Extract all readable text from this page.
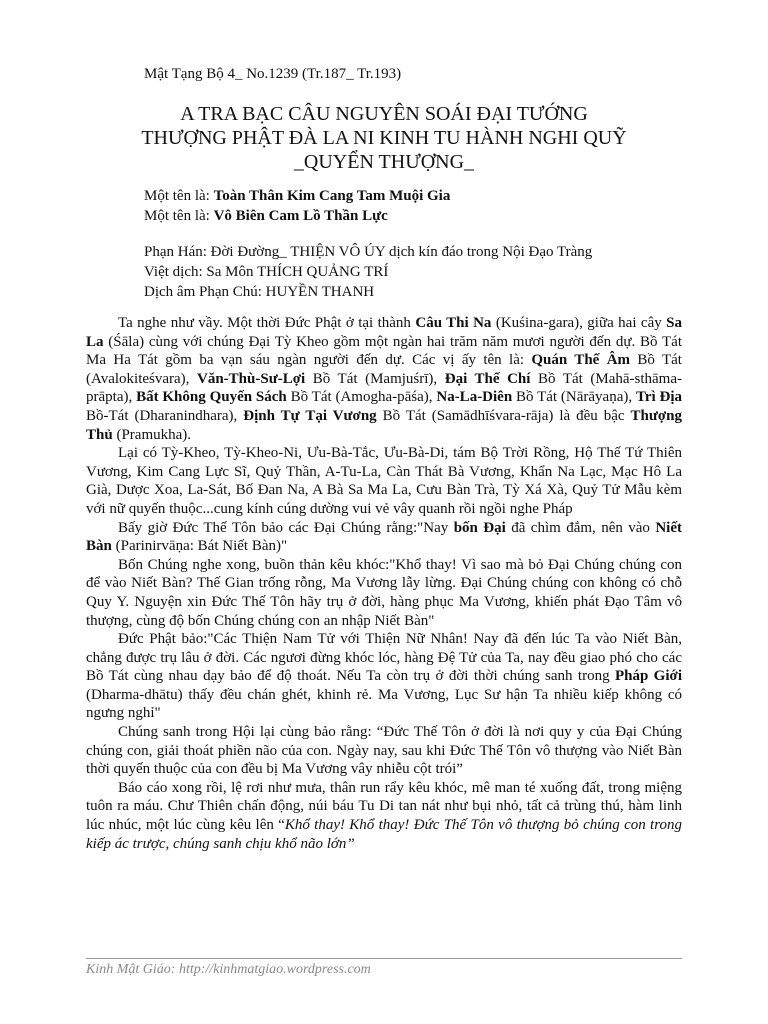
Mật Tạng Bộ 4_ No.1239 (Tr.187_ Tr.193)
A TRA BẠC CÂU NGUYÊN SOÁI ĐẠI TƯỚNG
THƯỢNG PHẬT ĐÀ LA NI KINH TU HÀNH NGHI QUỸ
_QUYỂN THƯỢNG_
Một tên là: Toàn Thân Kim Cang Tam Muội Gia
Một tên là: Vô Biên Cam Lồ Thần Lực
Phạn Hán: Đời Đường_ THIỆN VÔ ÚY dịch kín đáo trong Nội Đạo Tràng
Việt dịch: Sa Môn THÍCH QUẢNG TRÍ
Dịch âm Phạn Chú: HUYỀN THANH

Ta nghe như vầy. Một thời Đức Phật ở tại thành Câu Thi Na (Kuśina-gara), giữa hai cây Sa La (Śāla) cùng với chúng Đại Tỳ Kheo gồm một ngàn hai trăm năm mươi người đến dự. Bồ Tát Ma Ha Tát gồm ba vạn sáu ngàn người đến dự. Các vị ấy tên là: Quán Thế Âm Bồ Tát (Avalokiteśvara), Văn-Thù-Sư-Lợi Bồ Tát (Mamjuśrī), Đại Thế Chí Bồ Tát (Mahā-sthāma-prāpta), Bất Không Quyến Sách Bồ Tát (Amogha-pāśa), Na-La-Diên Bồ Tát (Nārāyaṇa), Trì Địa Bồ-Tát (Dharanindhara), Định Tự Tại Vương Bồ Tát (Samādhīśvara-rāja) là đều bậc Thượng Thủ (Pramukha).

Lại có Tỳ-Kheo, Tỳ-Kheo-Ni, Ưu-Bà-Tắc, Ưu-Bà-Di, tám Bộ Trời Rồng, Hộ Thế Tứ Thiên Vương, Kim Cang Lực Sĩ, Quỷ Thần, A-Tu-La, Càn Thát Bà Vương, Khẩn Na Lạc, Mạc Hô La Già, Dược Xoa, La-Sát, Bố Đan Na, A Bà Sa Ma La, Cưu Bàn Trà, Tỳ Xá Xà, Quỷ Tử Mẫu kèm với nữ quyến thuộc...cung kính cúng dường vui vẻ vây quanh rồi ngồi nghe Pháp

Bấy giờ Đức Thế Tôn bảo các Đại Chúng rằng:"Nay bốn Đại đã chìm đắm, nên vào Niết Bàn (Parinirvāṇa: Bát Niết Bàn)"

Bốn Chúng nghe xong, buồn thản kêu khóc:"Khổ thay! Vì sao mà bỏ Đại Chúng chúng con để vào Niết Bàn? Thế Gian trống rỗng, Ma Vương lẫy lừng. Đại Chúng chúng con không có chỗ Quy Y. Nguyện xin Đức Thế Tôn hãy trụ ở đời, hàng phục Ma Vương, khiến phát Đạo Tâm vô thượng, cùng độ bốn Chúng chúng con an nhập Niết Bàn"

Đức Phật bảo:"Các Thiện Nam Tử với Thiện Nữ Nhân! Nay đã đến lúc Ta vào Niết Bàn, chẳng được trụ lâu ở đời. Các ngươi đừng khóc lóc, hàng Đệ Tử của Ta, nay đều giao phó cho các Bồ Tát cùng nhau dạy bảo để độ thoát. Nếu Ta còn trụ ở đời thời chúng sanh trong Pháp Giới (Dharma-dhātu) thấy đều chán ghét, khinh rẻ. Ma Vương, Lục Sư hận Ta nhiều kiếp không có ngưng nghỉ"

Chúng sanh trong Hội lại cùng bảo rằng: “Đức Thế Tôn ở đời là nơi quy y của Đại Chúng chúng con, giải thoát phiền não của con. Ngày nay, sau khi Đức Thế Tôn vô thượng vào Niết Bàn thời quyến thuộc của con đều bị Ma Vương vây nhiễu cột trói”

Báo cáo xong rồi, lệ rơi như mưa, thân run rẩy kêu khóc, mê man té xuống đất, trong miệng tuôn ra máu. Chư Thiên chấn động, núi báu Tu Di tan nát như bụi nhỏ, tất cả trùng thú, hàm linh lúc nhúc, một lúc cùng kêu lên “Khổ thay! Khổ thay! Đức Thế Tôn vô thượng bỏ chúng con trong kiếp ác trược, chúng sanh chịu khổ não lớn”

Kinh Mật Giáo: http://kinhmatgiao.wordpress.com
